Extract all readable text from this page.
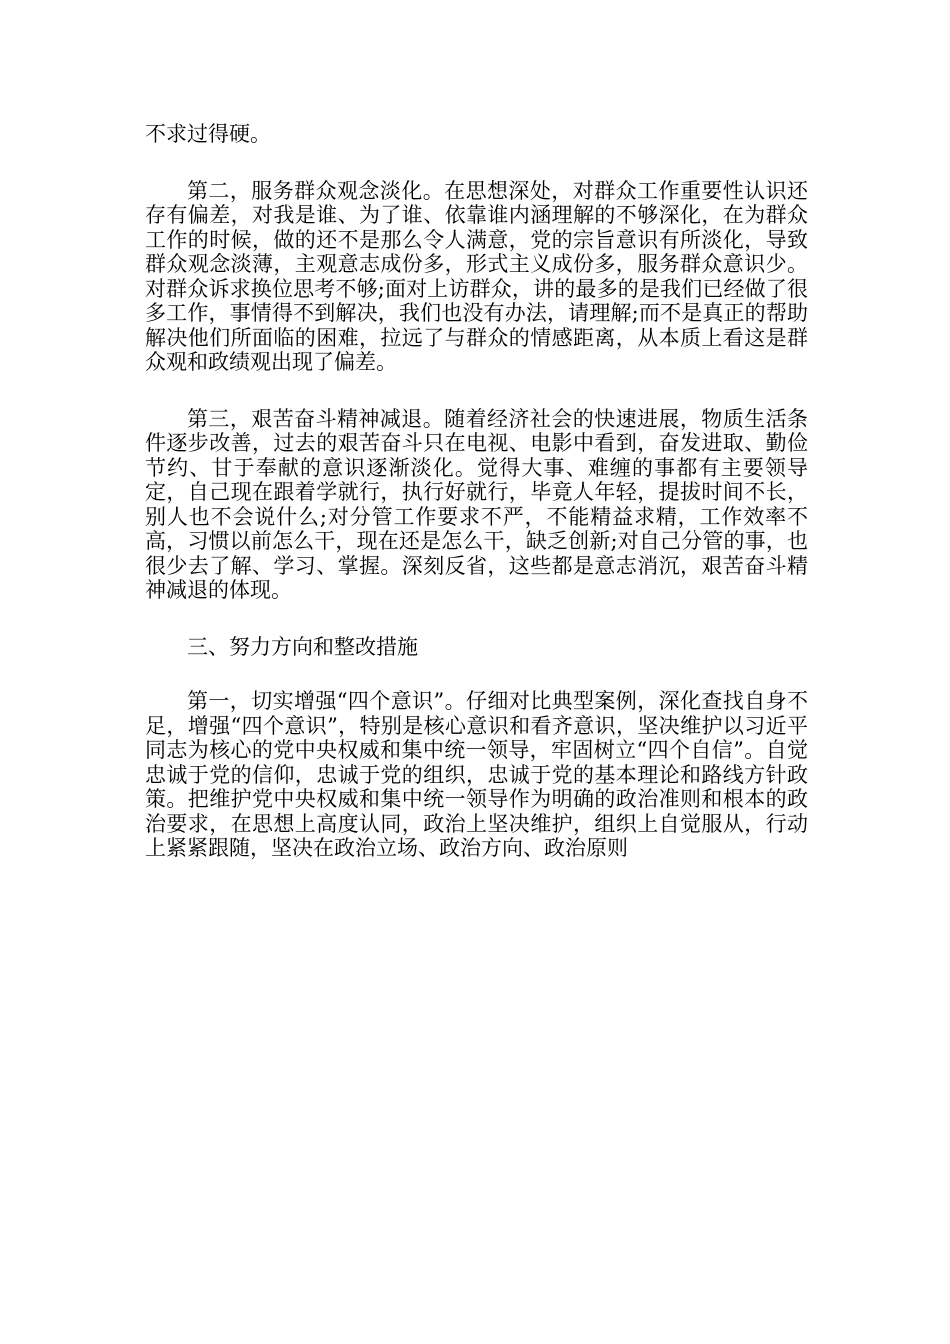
不求过得硬。

第二，服务群众观念淡化。在思想深处，对群众工作重要性认识还存有偏差，对我是谁、为了谁、依靠谁内涵理解的不够深化，在为群众工作的时候，做的还不是那么令人满意，党的宗旨意识有所淡化，导致群众观念淡薄，主观意志成份多，形式主义成份多，服务群众意识少。对群众诉求换位思考不够;面对上访群众，讲的最多的是我们已经做了很多工作，事情得不到解决，我们也没有办法，请理解;而不是真正的帮助解决他们所面临的困难，拉远了与群众的情感距离，从本质上看这是群众观和政绩观出现了偏差。

第三，艰苦奋斗精神减退。随着经济社会的快速进展，物质生活条件逐步改善，过去的艰苦奋斗只在电视、电影中看到，奋发进取、勤俭节约、甘于奉献的意识逐渐淡化。觉得大事、难缠的事都有主要领导定，自己现在跟着学就行，执行好就行，毕竟人年轻，提拔时间不长，别人也不会说什么;对分管工作要求不严，不能精益求精，工作效率不高，习惯以前怎么干，现在还是怎么干，缺乏创新;对自己分管的事，也很少去了解、学习、掌握。深刻反省，这些都是意志消沉，艰苦奋斗精神减退的体现。

三、努力方向和整改措施

第一，切实增强“四个意识”。仔细对比典型案例，深化查找自身不足，增强“四个意识”，特别是核心意识和看齐意识，坚决维护以习近平同志为核心的党中央权威和集中统一领导，牢固树立“四个自信”。自觉忠诚于党的信仰，忠诚于党的组织，忠诚于党的基本理论和路线方针政策。把维护党中央权威和集中统一领导作为明确的政治准则和根本的政治要求，在思想上高度认同，政治上坚决维护，组织上自觉服从，行动上紧紧跟随，坚决在政治立场、政治方向、政治原则
